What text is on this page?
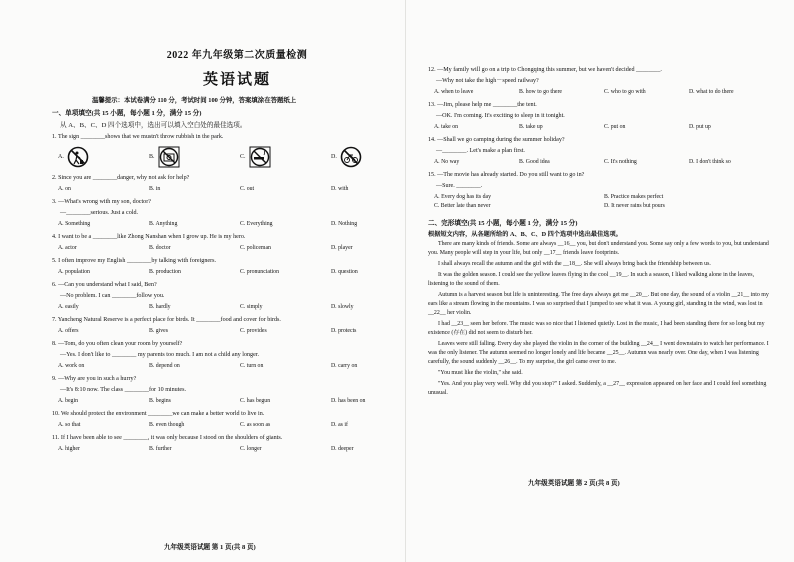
2022 年九年级第二次质量检测
英语试题
温馨提示：本试卷满分 110 分，考试时间 100 分钟，答案填涂在答题纸上
一、单项填空(共 15 小题，每小题 1 分，满分 15 分)
从 A、B、C、D 四个选项中，选出可以填入空白处的最佳选项。
1. The sign ________shows that we mustn't throw rubbish in the park.
A.	B.	C.	D.
2. Since you are ________danger, why not ask for help?
A. on	B. in	C. out	D. with
3. —What's wrong with my son, doctor?
—________serious. Just a cold.
A. Something	B. Anything	C. Everything	D. Nothing
4. I want to be a ________like Zhong Nanshan when I grow up. He is my hero.
A. actor	B. doctor	C. policeman	D. player
5. I often improve my English ________by talking with foreigners.
A. population	B. production	C. pronunciation	D. question
6. —Can you understand what I said, Ben?
—No problem. I can ________follow you.
A. easily	B. hardly	C. simply	D. slowly
7. Yancheng Natural Reserve is a perfect place for birds. It ________food and cover for birds.
A. offers	B. gives	C. provides	D. protects
8. —Tom, do you often clean your room by yourself?
—Yes. I don't like to ________ my parents too much. I am not a child any longer.
A. work on	B. depend on	C. turn on	D. carry on
9. —Why are you in such a hurry?
—It's 8:10 now. The class ________for 10 minutes.
A. begin	B. begins	C. has begun	D. has been on
10. We should protect the environment ________we can make a better world to live in.
A. so that	B. even though	C. as soon as	D. as if
11. If I have been able to see ________, it was only because I stood on the shoulders of giants.
A. higher	B. further	C. longer	D. deeper
九年级英语试题 第 1 页(共 8 页)
12. —My family will go on a trip to Chongqing this summer, but we haven't decided ________.
—Why not take the high－speed railway?
A. when to leave	B. how to go there	C. who to go with	D. what to do there
13. —Jim, please help me ________the tent.
—OK. I'm coming. It's exciting to sleep in it tonight.
A. take on	B. take up	C. put on	D. put up
14. —Shall we go camping during the summer holiday?
—________. Let's make a plan first.
A. No way	B. Good idea	C. It's nothing	D. I don't think so
15. —The movie has already started. Do you still want to go in?
—Sure. ________.
A. Every dog has its day	B. Practice makes perfect
C. Better late than never	D. It never rains but pours
二、完形填空(共 15 小题，每小题 1 分，满分 15 分)
根据短文内容，从各题所给的 A、B、C、D 四个选项中选出最佳选项。
There are many kinds of friends. Some are always __16__ you, but don't understand you. Some say only a few words to you, but understand you. Many people will step in your life, but only __17__ friends leave footprints.
I shall always recall the autumn and the girl with the __18__. She will always bring back the friendship between us.
It was the golden season. I could see the yellow leaves flying in the cool __19__. In such a season, I liked walking alone in the leaves, listening to the sound of them.
Autumn is a harvest season but life is uninteresting. The free days always get me __20__. But one day, the sound of a violin __21__ into my ears like a stream flowing in the mountains. I was so surprised that I jumped to see what it was. A young girl, standing in the wind, was lost in __22__ her violin.
I had __23__ seen her before. The music was so nice that I listened quietly. Lost in the music, I had been standing there for so long but my existence (存在) did not seem to disturb her.
Leaves were still falling. Every day she played the violin in the corner of the building __24__ I went downstairs to watch her performance. I was the only listener. The autumn seemed no longer lonely and life became __25__. Autumn was nearly over. One day, when I was listening carefully, the sound suddenly __26__. To my surprise, the girl came over to me.
"You must like the violin," she said.
"Yes. And you play very well. Why did you stop?" I asked. Suddenly, a __27__ expression appeared on her face and I could feel something unusual.
九年级英语试题 第 2 页(共 8 页)
